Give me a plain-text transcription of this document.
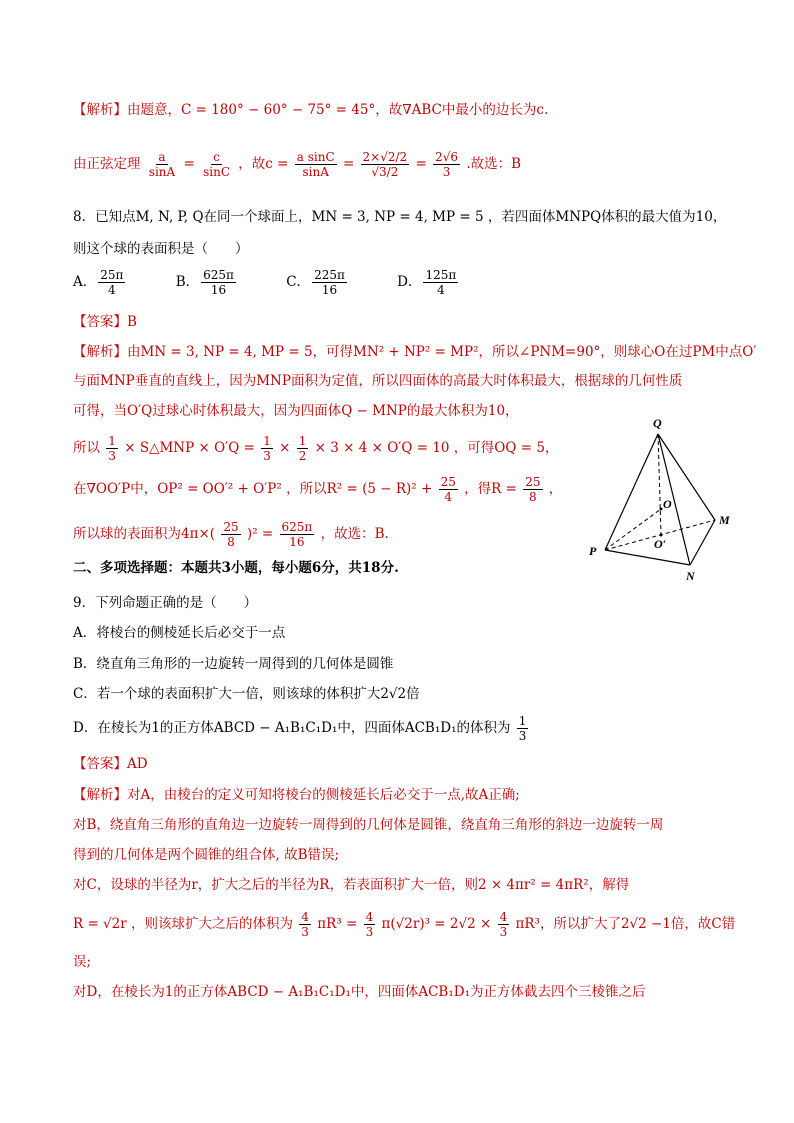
【解析】由题意，C = 180° − 60° − 75° = 45°，故∇ABC中最小的边长为c.
由正弦定理 $\frac{a}{\sin A} = \frac{c}{\sin C}$ ，故$c = \frac{\text{a sinC}}{\sin A} = \frac{2\times√2/2}{√3/2} = \frac{2√6}{3}$ .故选：B
8．已知点M, N, P, Q在同一个球面上，MN = 3, NP = 4, MP = 5 ，若四面体MNPQ体积的最大值为10，
则这个球的表面积是（　　）
A． $\frac{25\pi}{4}$	B． $\frac{625\pi}{16}$	C． $\frac{225\pi}{16}$	D． $\frac{125\pi}{4}$
【答案】B
【解析】由MN = 3, NP = 4, MP = 5，可得MN² + NP² = MP²，所以∠PNM=90°，则球心O在过PM中点O′
与面MNP垂直的直线上，因为MNP面积为定值，所以四面体的高最大时体积最大，根据球的几何性质
可得，当O′Q过球心时体积最大，因为四面体Q − MNP的最大体积为10，
所以 $\frac{1}{3}$ × S△MNP × $O'Q = \frac{1}{3} \times \frac{1}{2} \times 3 \times 4 \times O'Q = 10$ ，可得OQ = 5，
在∇OO′P中，OP² = OO′² + O′P² ，所以$R^2 = (5 - R)^2 + \frac{25}{4}$ ，得$R = \frac{25}{8}$ ，
所以球的表面积为$4\pi\times( \frac{25}{8} )^2 = \frac{625\pi}{16}$ ，故选：B.
Q
O
O′
M
P
N
二、多项选择题：本题共3小题，每小题6分，共18分.
9．下列命题正确的是（　　）
A．将棱台的侧棱延长后必交于一点
B．绕直角三角形的一边旋转一周得到的几何体是圆锥
C．若一个球的表面积扩大一倍，则该球的体积扩大2√2倍
D．在棱长为1的正方体ABCD − A₁B₁C₁D₁中，四面体ACB₁D₁的体积为 $\frac{1}{3}$
【答案】AD
【解析】对A，由棱台的定义可知将棱台的侧棱延长后必交于一点,故A正确;
对B，绕直角三角形的直角边一边旋转一周得到的几何体是圆锥，绕直角三角形的斜边一边旋转一周
得到的几何体是两个圆锥的组合体, 故B错误;
对C，设球的半径为r，扩大之后的半径为R，若表面积扩大一倍，则2 × 4πr² = 4πR²，解得
R = √2r ，则该球扩大之后的体积为 $\frac{4}{3} \pi R^3 = \frac{4}{3} \pi(√2r)^3 = 2√2 \times \frac{4}{3} \pi R^3$，所以扩大了2√2 −1倍，故C错
误;
对D，在棱长为1的正方体ABCD − A₁B₁C₁D₁中，四面体ACB₁D₁为正方体截去四个三棱锥之后
